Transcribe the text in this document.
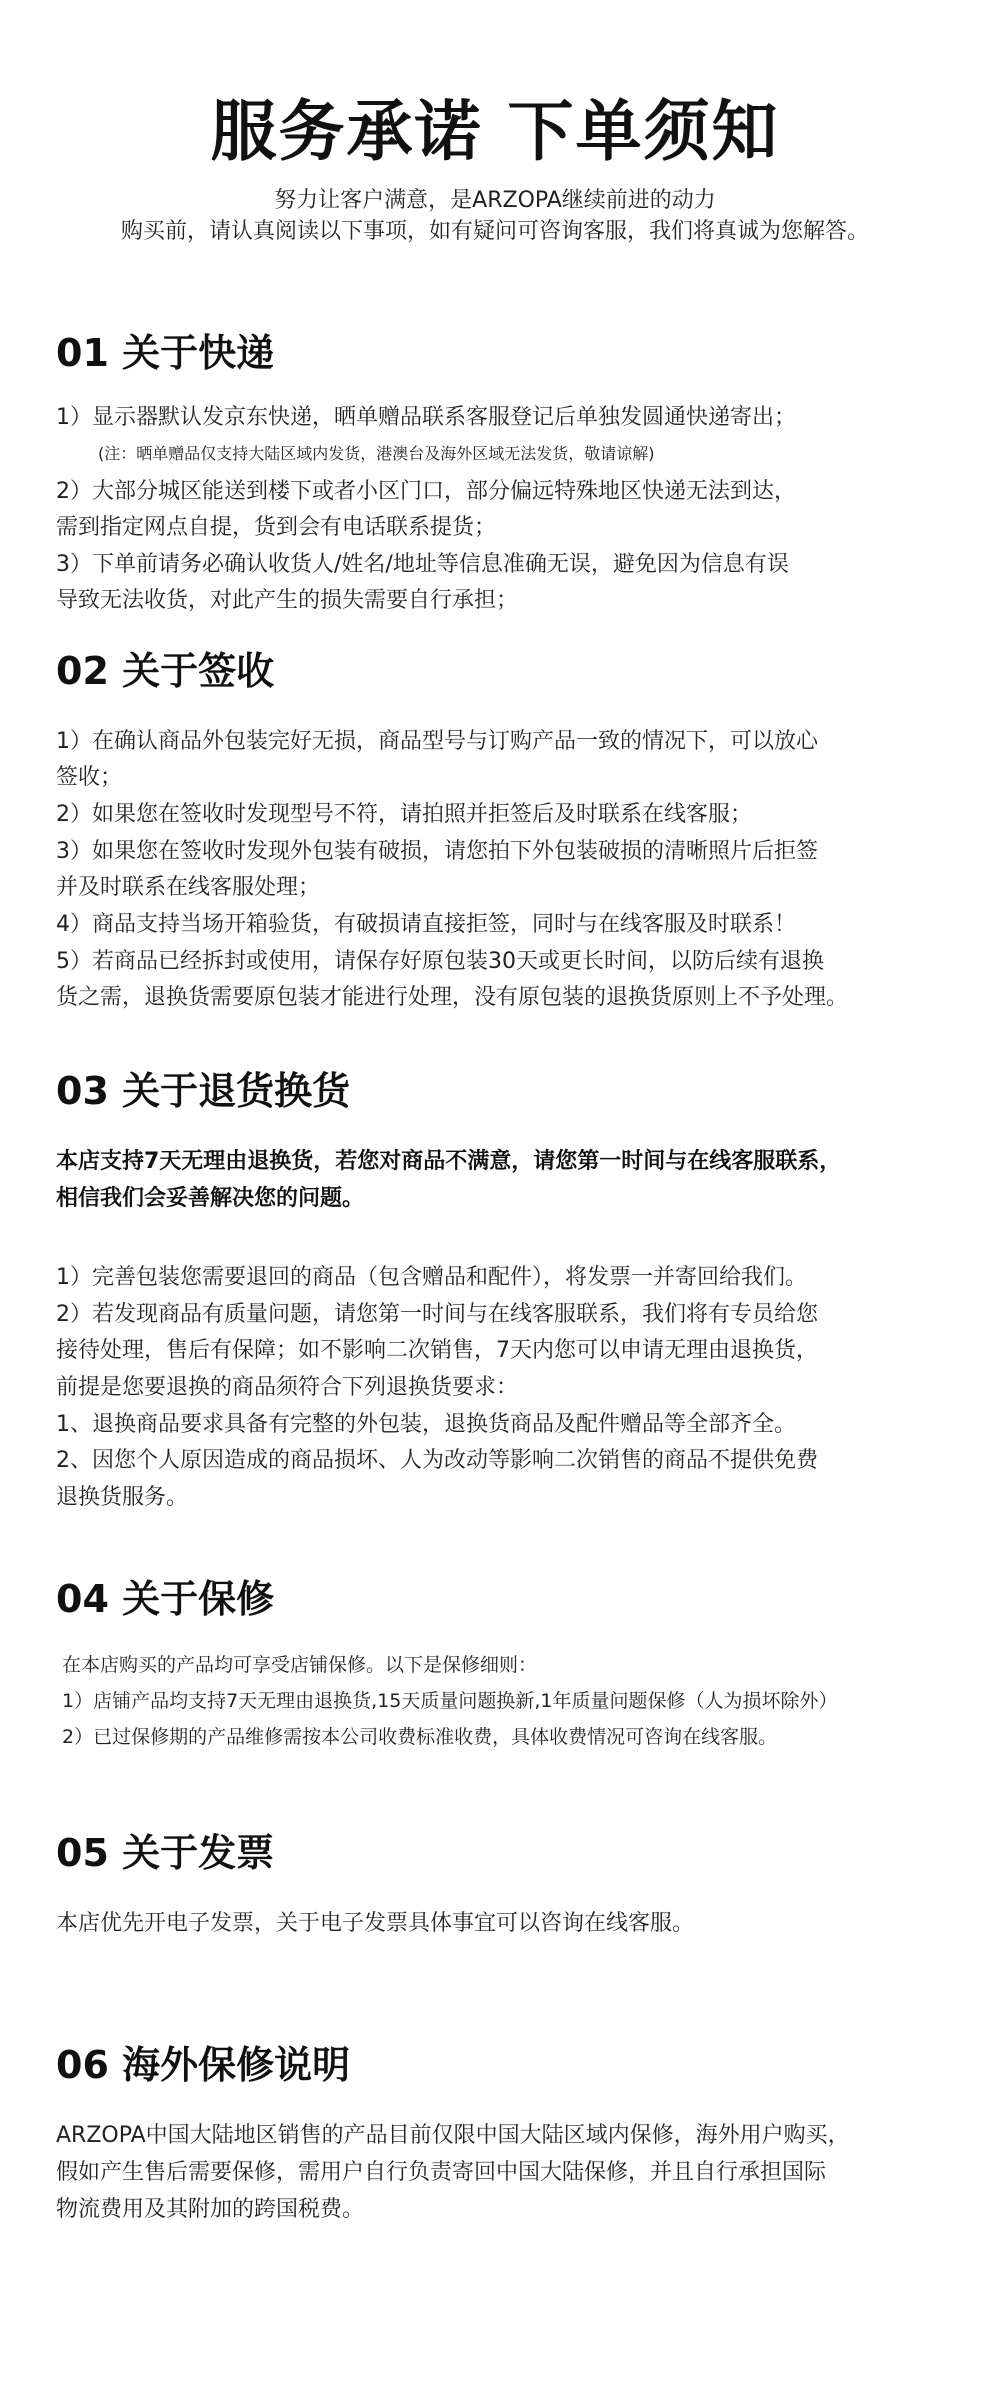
服务承诺 下单须知
努力让客户满意，是ARZOPA继续前进的动力
购买前，请认真阅读以下事项，如有疑问可咨询客服，我们将真诚为您解答。
01 关于快递
1）显示器默认发京东快递，晒单赠品联系客服登记后单独发圆通快递寄出；
(注：晒单赠品仅支持大陆区域内发货，港澳台及海外区域无法发货，敬请谅解)
2）大部分城区能送到楼下或者小区门口，部分偏远特殊地区快递无法到达，
需到指定网点自提，货到会有电话联系提货；
3）下单前请务必确认收货人/姓名/地址等信息准确无误，避免因为信息有误
导致无法收货，对此产生的损失需要自行承担；
02 关于签收
1）在确认商品外包装完好无损，商品型号与订购产品一致的情况下，可以放心
签收；
2）如果您在签收时发现型号不符，请拍照并拒签后及时联系在线客服；
3）如果您在签收时发现外包装有破损，请您拍下外包装破损的清晰照片后拒签
并及时联系在线客服处理；
4）商品支持当场开箱验货，有破损请直接拒签，同时与在线客服及时联系！
5）若商品已经拆封或使用，请保存好原包装30天或更长时间，以防后续有退换
货之需，退换货需要原包装才能进行处理，没有原包装的退换货原则上不予处理。
03 关于退货换货
本店支持7天无理由退换货，若您对商品不满意，请您第一时间与在线客服联系，
相信我们会妥善解决您的问题。
1）完善包装您需要退回的商品（包含赠品和配件），将发票一并寄回给我们。
2）若发现商品有质量问题，请您第一时间与在线客服联系，我们将有专员给您
接待处理，售后有保障；如不影响二次销售，7天内您可以申请无理由退换货，
前提是您要退换的商品须符合下列退换货要求：
1、退换商品要求具备有完整的外包装，退换货商品及配件赠品等全部齐全。
2、因您个人原因造成的商品损坏、人为改动等影响二次销售的商品不提供免费
退换货服务。
04 关于保修
在本店购买的产品均可享受店铺保修。以下是保修细则：
1）店铺产品均支持7天无理由退换货,15天质量问题换新,1年质量问题保修（人为损坏除外）
2）已过保修期的产品维修需按本公司收费标准收费，具体收费情况可咨询在线客服。
05 关于发票
本店优先开电子发票，关于电子发票具体事宜可以咨询在线客服。
06 海外保修说明
ARZOPA中国大陆地区销售的产品目前仅限中国大陆区域内保修，海外用户购买，
假如产生售后需要保修，需用户自行负责寄回中国大陆保修，并且自行承担国际
物流费用及其附加的跨国税费。
